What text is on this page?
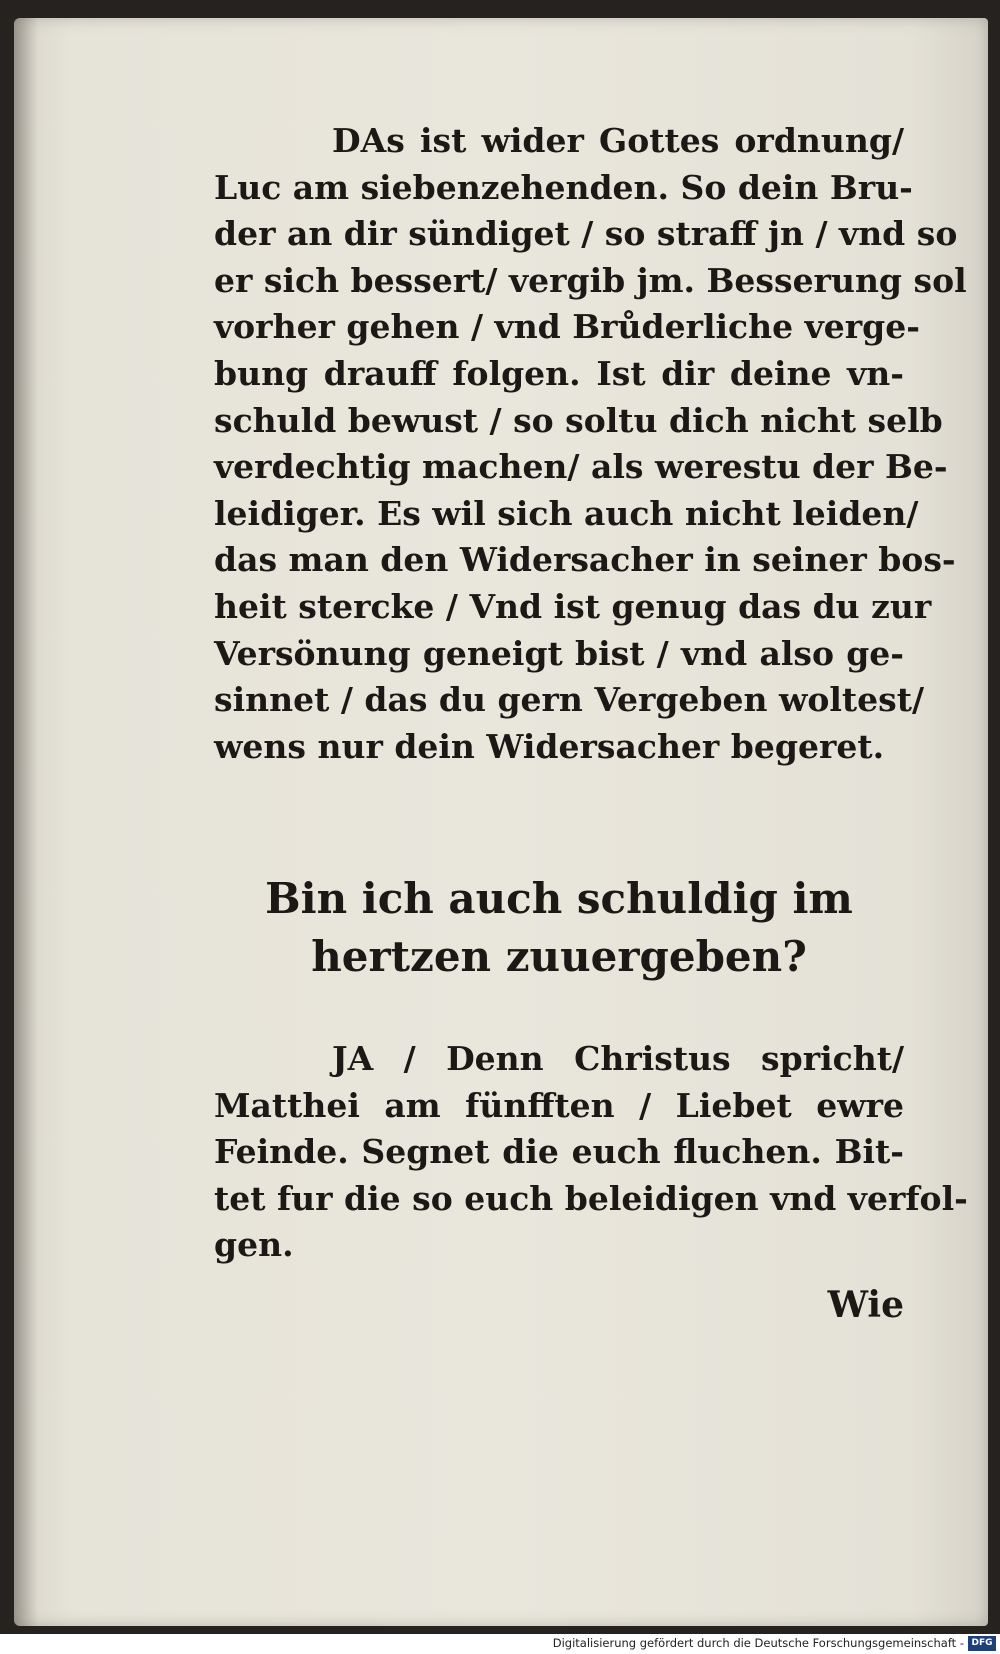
DAs ist wider Gottes ordnung/
Luc am siebenzehenden. So dein Bru-
der an dir sündiget / so straff jn / vnd so
er sich bessert/ vergib jm. Besserung sol
vorher gehen / vnd Brůderliche verge-
bung drauff folgen. Ist dir deine vn-
schuld bewust / so soltu dich nicht selb
verdechtig machen/ als werestu der Be-
leidiger. Es wil sich auch nicht leiden/
das man den Widersacher in seiner bos-
heit stercke / Vnd ist genug das du zur
Versönung geneigt bist / vnd also ge-
sinnet / das du gern Vergeben woltest/
wens nur dein Widersacher begeret.
Bin ich auch schuldig im
hertzen zuuergeben?
JA / Denn Christus spricht/
Matthei am fünfften / Liebet ewre
Feinde. Segnet die euch fluchen. Bit-
tet fur die so euch beleidigen vnd verfol-
gen.
Wie
Digitalisierung gefördert durch die Deutsche Forschungsgemeinschaft - DFG
